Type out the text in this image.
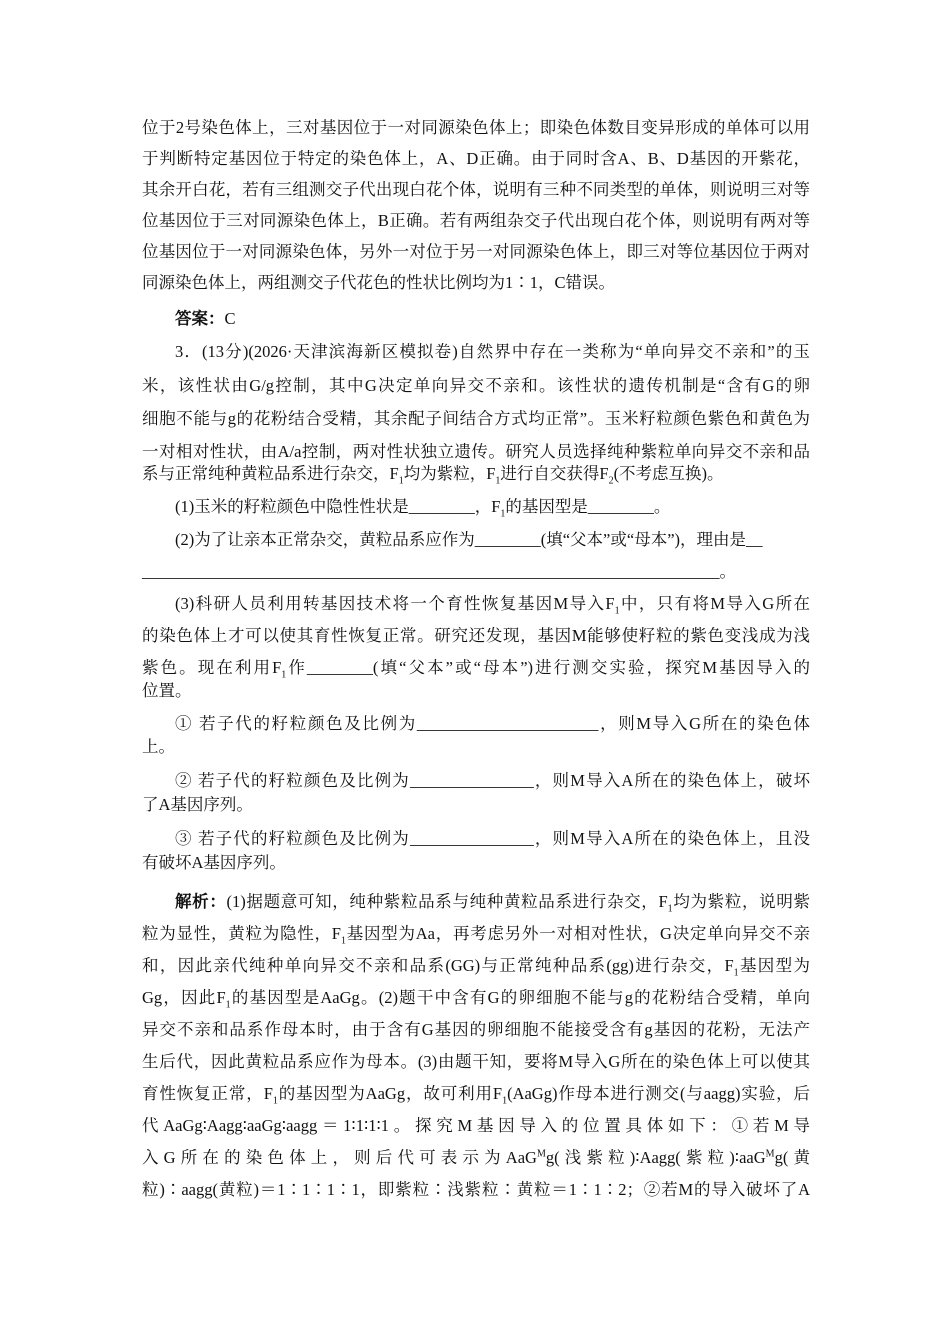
位于2号染色体上，三对基因位于一对同源染色体上；即染色体数目变异形成的单体可以用
于判断特定基因位于特定的染色体上，A、D正确。由于同时含A、B、D基因的开紫花，
其余开白花，若有三组测交子代出现白花个体，说明有三种不同类型的单体，则说明三对等
位基因位于三对同源染色体上，B正确。若有两组杂交子代出现白花个体，则说明有两对等
位基因位于一对同源染色体，另外一对位于另一对同源染色体上，即三对等位基因位于两对
同源染色体上，两组测交子代花色的性状比例均为1∶1，C错误。
答案：C
3．(13分)(2026·天津滨海新区模拟卷)自然界中存在一类称为“单向异交不亲和”的玉
米，该性状由G/g控制，其中G决定单向异交不亲和。该性状的遗传机制是“含有G的卵
细胞不能与g的花粉结合受精，其余配子间结合方式均正常”。玉米籽粒颜色紫色和黄色为
一对相对性状，由A/a控制，两对性状独立遗传。研究人员选择纯种紫粒单向异交不亲和品
系与正常纯种黄粒品系进行杂交，$F_1$均为紫粒，$F_1$进行自交获得$F_2$(不考虑互换)。
(1)玉米的籽粒颜色中隐性性状是________，$F_1$的基因型是________。
(2)为了让亲本正常杂交，黄粒品系应作为________(填“父本”或“母本”)，理由是__
______________________________________________________________________。
(3)科研人员利用转基因技术将一个育性恢复基因M导入$F_1$中，只有将M导入G所在
的染色体上才可以使其育性恢复正常。研究还发现，基因M能够使籽粒的紫色变浅成为浅
紫色。现在利用$F_1$作________(填“父本”或“母本”)进行测交实验，探究M基因导入的
位置。
① 若子代的籽粒颜色及比例为______________________，则M导入G所在的染色体
上。
② 若子代的籽粒颜色及比例为_______________，则M导入A所在的染色体上，破坏
了A基因序列。
③ 若子代的籽粒颜色及比例为_______________，则M导入A所在的染色体上，且没
有破坏A基因序列。
解析：(1)据题意可知，纯种紫粒品系与纯种黄粒品系进行杂交，$F_1$均为紫粒，说明紫
粒为显性，黄粒为隐性，$F_1$基因型为Aa，再考虑另外一对相对性状，G决定单向异交不亲
和，因此亲代纯种单向异交不亲和品系(GG)与正常纯种品系(gg)进行杂交，$F_1$基因型为
Gg，因此$F_1$的基因型是AaGg。(2)题干中含有G的卵细胞不能与g的花粉结合受精，单向
异交不亲和品系作母本时，由于含有G基因的卵细胞不能接受含有g基因的花粉，无法产
生后代，因此黄粒品系应作为母本。(3)由题干知，要将M导入G所在的染色体上可以使其
育性恢复正常，$F_1$的基因型为AaGg，故可利用$F_1(AaGg)$作母本进行测交(与aagg)实验，后
代AaGg∶Aagg∶aaGg∶aagg＝1∶1∶1∶1。探究M基因导入的位置具体如下：①若M导
入G所在的染色体上，则后代可表示为AaG$^M$g(浅紫粒)∶Aagg(紫粒)∶aaG$^M$g(黄
粒)∶aagg(黄粒)＝1∶1∶1∶1，即紫粒∶浅紫粒∶黄粒＝1∶1∶2；②若M的导入破坏了A
